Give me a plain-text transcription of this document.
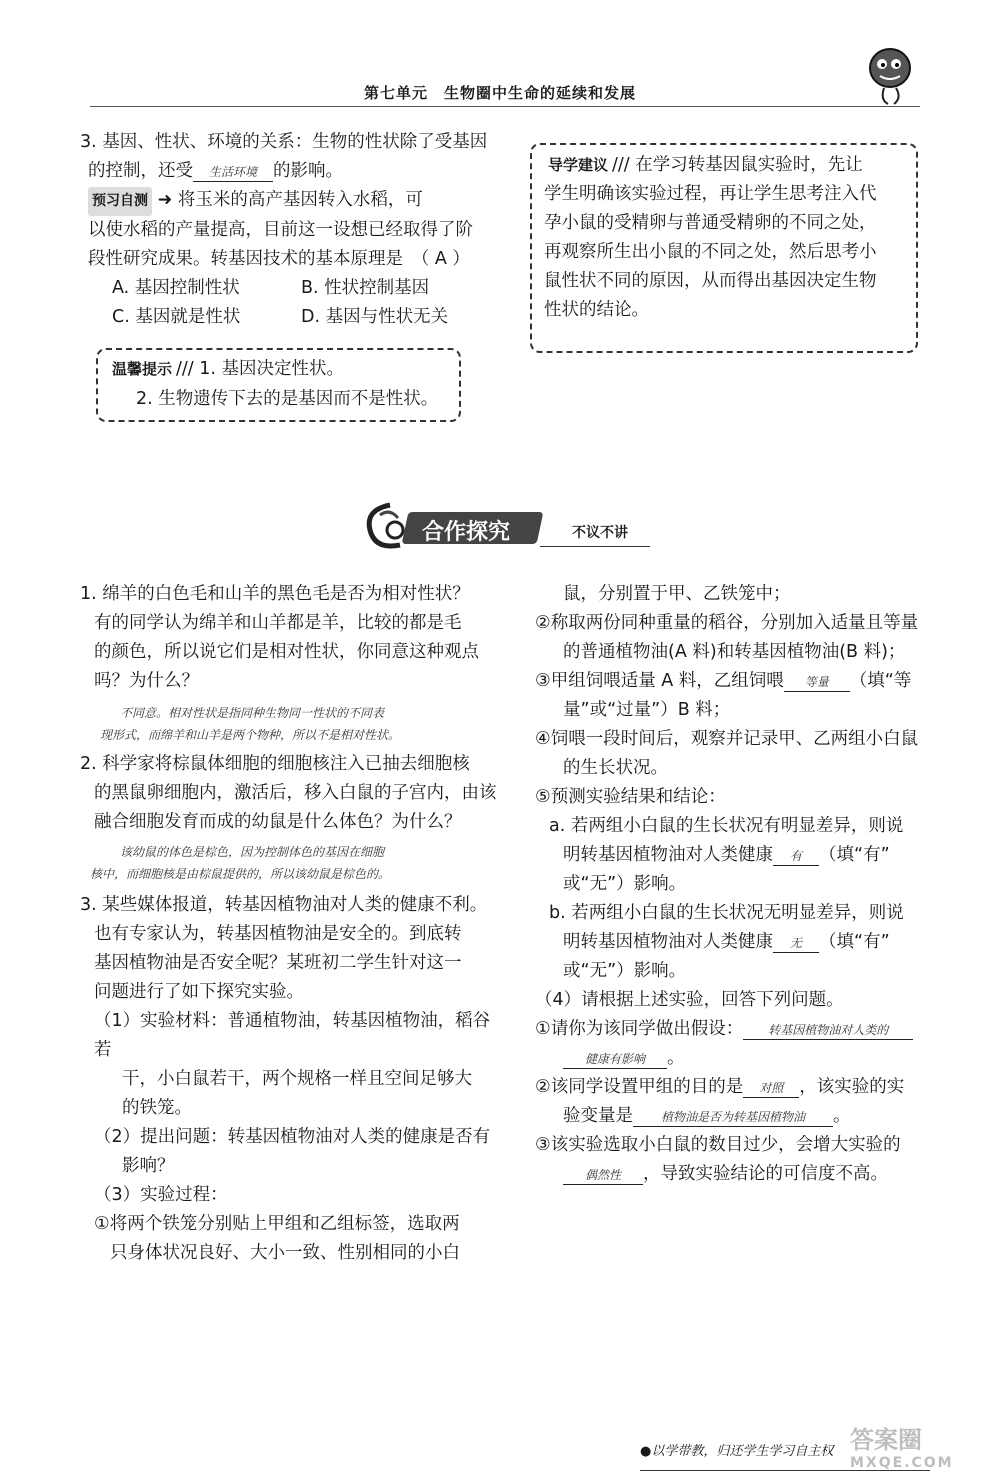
第七单元　生物圈中生命的延续和发展

3. 基因、性状、环境的关系：生物的性状除了受基因

的控制，还受 生活环境 的影响。

预习自测 ➜ 将玉米的高产基因转入水稻，可

以使水稻的产量提高，目前这一设想已经取得了阶

段性研究成果。转基因技术的基本原理是　 （ A ）

A. 基因控制性状	B. 性状控制基因
C. 基因就是性状	D. 基因与性状无关

温馨提示 /// 1. 基因决定性状。

2. 生物遗传下去的是基因而不是性状。

导学建议 /// 在学习转基因鼠实验时，先让

学生明确该实验过程，再让学生思考注入代

孕小鼠的受精卵与普通受精卵的不同之处，

再观察所生出小鼠的不同之处，然后思考小

鼠性状不同的原因，从而得出基因决定生物

性状的结论。

合作探究	不议不讲

1. 绵羊的白色毛和山羊的黑色毛是否为相对性状？

有的同学认为绵羊和山羊都是羊，比较的都是毛

的颜色，所以说它们是相对性状，你同意这种观点

吗？为什么？

不同意。相对性状是指同种生物同一性状的不同表

现形式，而绵羊和山羊是两个物种，所以不是相对性状。

2. 科学家将棕鼠体细胞的细胞核注入已抽去细胞核

的黑鼠卵细胞内，激活后，移入白鼠的子宫内，由该

融合细胞发育而成的幼鼠是什么体色？为什么？

该幼鼠的体色是棕色，因为控制体色的基因在细胞

核中，而细胞核是由棕鼠提供的，所以该幼鼠是棕色的。

3. 某些媒体报道，转基因植物油对人类的健康不利。

也有专家认为，转基因植物油是安全的。到底转

基因植物油是否安全呢？某班初二学生针对这一

问题进行了如下探究实验。

（1）实验材料：普通植物油，转基因植物油，稻谷若

干，小白鼠若干，两个规格一样且空间足够大

的铁笼。

（2）提出问题：转基因植物油对人类的健康是否有

影响？

（3）实验过程：

①将两个铁笼分别贴上甲组和乙组标签，选取两

只身体状况良好、大小一致、性别相同的小白

鼠，分别置于甲、乙铁笼中；

②称取两份同种重量的稻谷，分别加入适量且等量

的普通植物油(A 料)和转基因植物油(B 料)；

③甲组饲喂适量 A 料，乙组饲喂 等量 （填“等

量”或“过量”）B 料；

④饲喂一段时间后，观察并记录甲、乙两组小白鼠

的生长状况。

⑤预测实验结果和结论：

a. 若两组小白鼠的生长状况有明显差异，则说

明转基因植物油对人类健康 有 （填“有”

或“无”）影响。

b. 若两组小白鼠的生长状况无明显差异，则说

明转基因植物油对人类健康 无 （填“有”

或“无”）影响。

（4）请根据上述实验，回答下列问题。

①请你为该同学做出假设： 转基因植物油对人类的

健康有影响 。

②该同学设置甲组的目的是 对照 ，该实验的实

验变量是 植物油是否为转基因植物油 。

③该实验选取小白鼠的数目过少，会增大实验的

偶然性 ，导致实验结论的可信度不高。

●以学带教，归还学生学习自主权 答案圈
MXQE.COM
